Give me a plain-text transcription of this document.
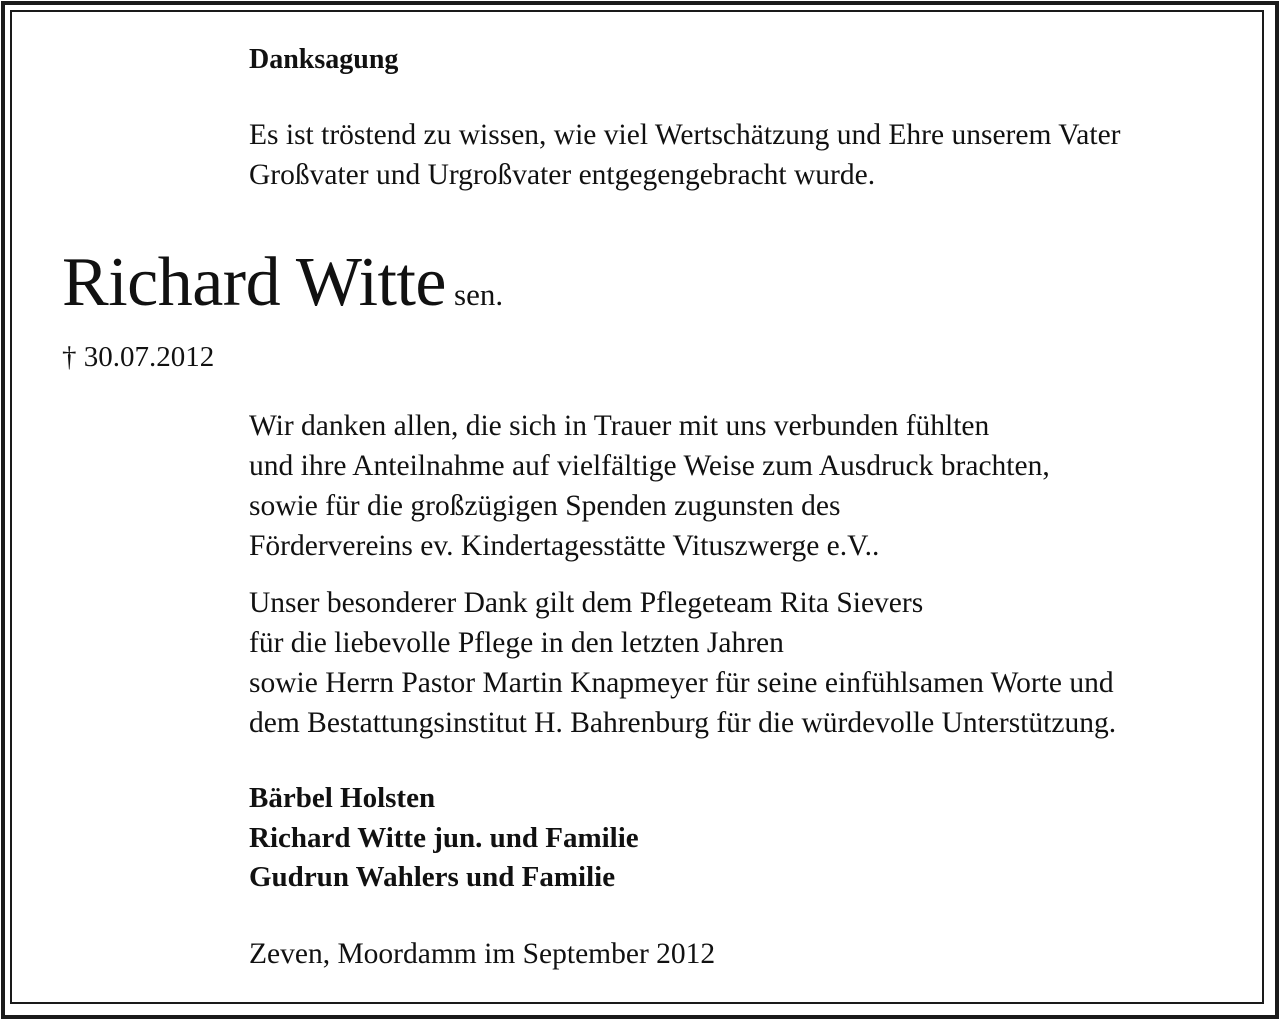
Danksagung
Es ist tröstend zu wissen, wie viel Wertschätzung und Ehre unserem Vater
Großvater und Urgroßvater entgegengebracht wurde.
Richard Witte sen.
† 30.07.2012
Wir danken allen, die sich in Trauer mit uns verbunden fühlten
und ihre Anteilnahme auf vielfältige Weise zum Ausdruck brachten,
sowie für die großzügigen Spenden zugunsten des
Fördervereins ev. Kindertagesstätte Vituszwerge e.V..
Unser besonderer Dank gilt dem Pflegeteam Rita Sievers
für die liebevolle Pflege in den letzten Jahren
sowie Herrn Pastor Martin Knapmeyer für seine einfühlsamen Worte und
dem Bestattungsinstitut H. Bahrenburg für die würdevolle Unterstützung.
Bärbel Holsten
Richard Witte jun. und Familie
Gudrun Wahlers und Familie
Zeven, Moordamm im September 2012
